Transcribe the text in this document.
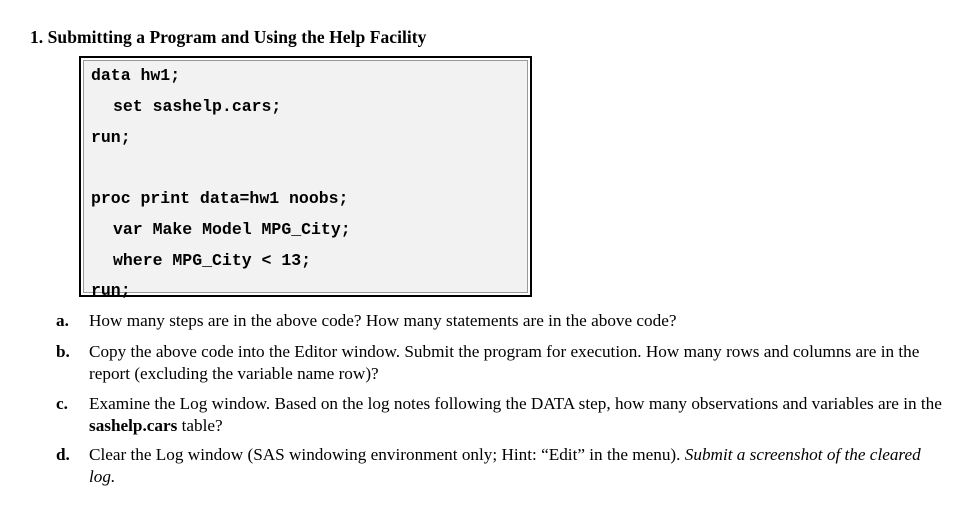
1. Submitting a Program and Using the Help Facility
data hw1;
set sashelp.cars;
run;
proc print data=hw1 noobs;
var Make Model MPG_City;
where MPG_City < 13;
run;
a. How many steps are in the above code? How many statements are in the above code?
b. Copy the above code into the Editor window. Submit the program for execution. How many rows and columns are in the report (excluding the variable name row)?
c. Examine the Log window. Based on the log notes following the DATA step, how many observations and variables are in the sashelp.cars table?
d. Clear the Log window (SAS windowing environment only; Hint: “Edit” in the menu). Submit a screenshot of the cleared log.
